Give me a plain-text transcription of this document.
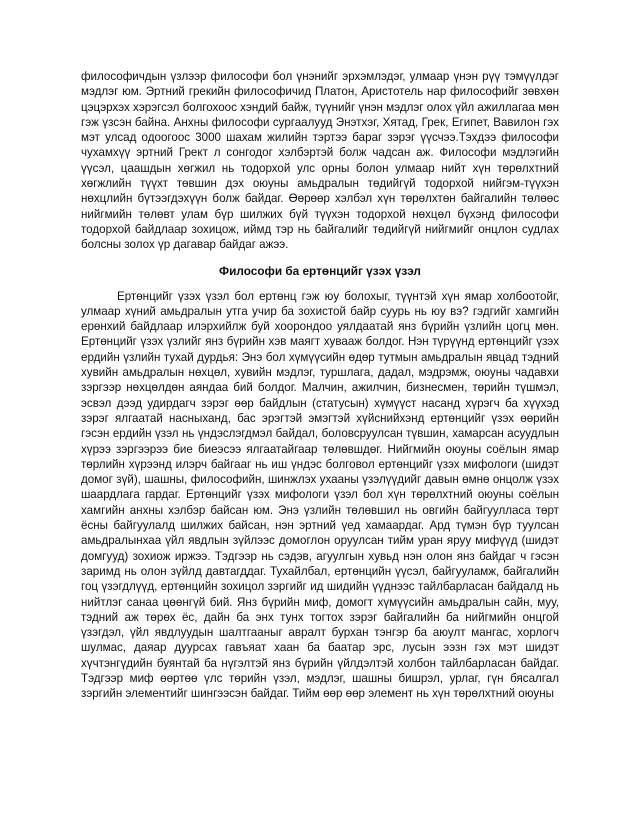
философичдын үзлээр философи бол үнэнийг эрхэмлэдэг, улмаар үнэн рүү тэмүүлдэг мэдлэг юм. Эртний грекийн философичид Платон, Аристотель нар философийг зөвхөн цэцэрхэх хэрэгсэл болгохоос хэндий байж, түүнийг үнэн мэдлэг олох үйл ажиллагаа мөн гэж үзсэн байна. Анхны философи сургаалууд Энэтхэг, Хятад, Грек, Египет, Вавилон гэх мэт улсад одоогоос 3000 шахам жилийн тэртээ бараг зэрэг үүсчээ.Тэхдээ философи чухамхүү эртний Грект л сонгодог хэлбэртэй болж чадсан аж. Философи мэдлэгийн үүсэл, цаашдын хөгжил нь тодорхой улс орны болон улмаар нийт хүн төрөлхтний хөгжлийн түүхт төвшин дэх оюуны амьдралын төдийгүй тодорхой нийгэм-түүхэн нөхцлийн бүтээгдэхүүн болж байдаг. Өөрөөр хэлбэл хүн төрөлхтөн байгалийн төлөөс нийгмийн төлөвт улам бүр шилжих бүй түүхэн тодорхой нөхцөл бүхэнд философи тодорхой байдлаар зохицож, иймд тэр нь байгалийг төдийгүй нийгмийг онцлон судлах болсны золох үр дагавар байдаг ажээ.

Философи ба ертөнцийг үзэх үзэл

Ертөнцийг үзэх үзэл бол ертөнц гэж юу болохыг, түүнтэй хүн ямар холбоотойг, улмаар хүний амьдралын утга учир ба зохистой байр суурь нь юу вэ? гэдгийг хамгийн ерөнхий байдлаар илэрхийлж буй хоорондоо уялдаатай янз бүрийн үзлийн цогц мөн. Ертөнцийг үзэх үзлийг янз бүрийн хэв маягт хувааж болдог. Нэн түрүүнд ертөнцийг үзэх ердийн үзлийн тухай дурдья: Энэ бол хүмүүсийн өдөр тутмын амьдралын явцад тэдний хувийн амьдралын нөхцөл, хувийн мэдлэг, туршлага, дадал, мэдрэмж, оюуны чадавхи зэргээр нөхцөлдөн аяндаа бий болдог. Малчин, ажилчин, бизнесмен, төрийн түшмэл, эсвэл дээд удирдагч зэрэг өөр байдлын (статусын) хүмүүст насанд хүрэгч ба хүүхэд зэрэг ялгаатай насныханд, бас эрэгтэй эмэгтэй хүйснийхэнд ертөнцийг үзэх өөрийн гэсэн ердийн үзэл нь үндэслэгдмэл байдал, боловсруулсан түвшин, хамарсан асуудлын хүрээ зэргээрээ бие биеэсээ ялгаатайгаар төлөвшдөг. Нийгмийн оюуны соёлын ямар төрлийн хүрээнд илэрч байгааг нь иш үндэс болговол ертөнцийг үзэх мифологи (шидэт домог зүй), шашны, философийн, шинжлэх ухааны үзэлүүдийг давын өмнө онцолж үзэх шаардлага гардаг. Ертөнцийг үзэх мифологи үзэл бол хүн төрөлхтний оюуны соёлын хамгийн анхны хэлбэр байсан юм. Энэ үзлийн төлөвшил нь овгийн байгуулласа төрт ёсны байгуулалд шилжих байсан, нэн эртний үед хамаардаг. Ард түмэн бүр туулсан амьдралынхаа үйл явдлын зүйлээс домоглон оруулсан тийм уран яруу мифүүд (шидэт домгууд) зохиож иржээ. Тэдгээр нь сэдэв, агуулгын хувьд нэн олон янз байдаг ч гэсэн заримд нь олон зүйлд давтагддаг. Тухайлбал, ертөнцийн үүсэл, байгууламж, байгалийн гоц үзэгдлүүд, ертөнцийн зохицол зэргийг ид шидийн үүднээс тайлбарласан байдалд нь нийтлэг санаа цөөнгүй бий. Янз бүрийн миф, домогт хүмүүсийн амьдралын сайн, муу, тэдний аж төрөх ёс, дайн ба энх тунх тогтох зэрэг байгалийн ба нийгмийн онцгой үзэгдэл, үйл явдлуудын шалтгааныг авралт бурхан тэнгэр ба аюулт мангас, хорлогч шулмас, даяар дуурсах гавъяат хаан ба баатар эрс, лусын ээзн гэх мэт шидэт хүчтэнгүдийн буянтай ба нүгэлтэй янз бүрийн үйлдэлтэй холбон тайлбарласан байдаг. Тэдгээр миф өөртөө үлс төрийн үзэл, мэдлэг, шашны бишрэл, урлаг, гүн бясалгал зэргийн элементийг шингээсэн байдаг. Тийм өөр өөр элемент нь хүн төрөлхтний оюуны
